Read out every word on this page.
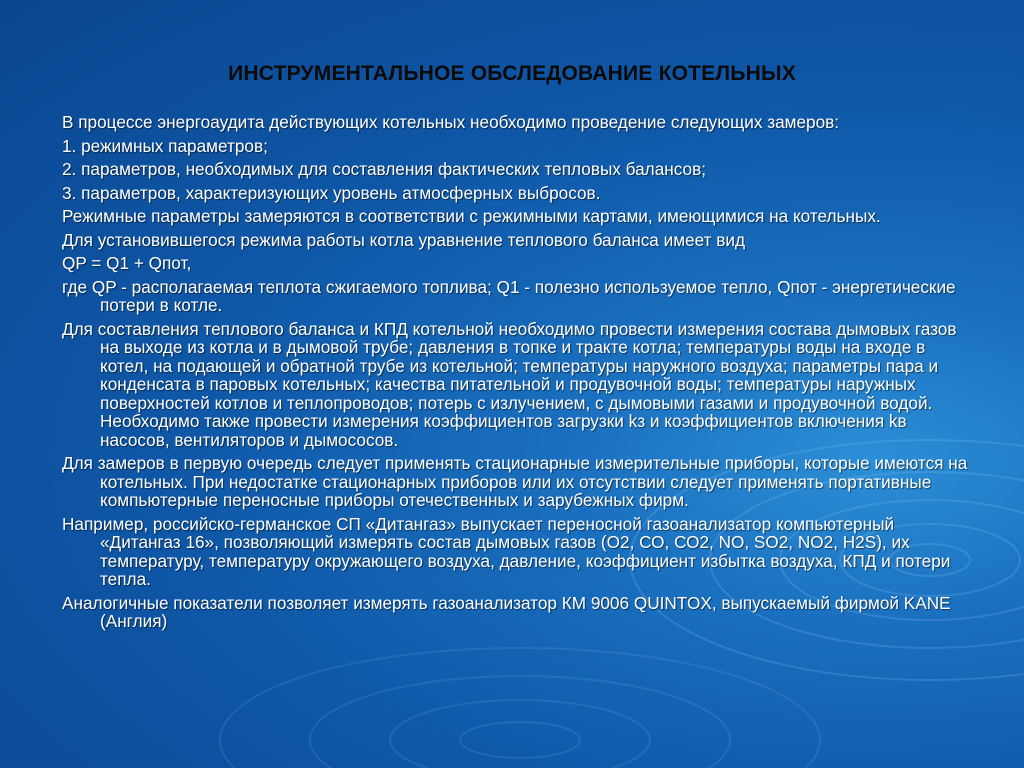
ИНСТРУМЕНТАЛЬНОЕ ОБСЛЕДОВАНИЕ КОТЕЛЬНЫХ

В процессе энергоаудита действующих котельных необходимо проведение следующих замеров:

1. режимных параметров;

2. параметров, необходимых для составления фактических тепловых балансов;

3. параметров, характеризующих уровень атмосферных выбросов.

Режимные параметры замеряются в соответствии с режимными картами, имеющимися на котельных.

Для установившегося режима работы котла уравнение теплового баланса имеет вид

QP = Q1 + Qпот,

где QP - располагаемая теплота сжигаемого топлива; Q1 - полезно используемое тепло, Qпот - энергетические потери в котле.

Для составления теплового баланса и КПД котельной необходимо провести измерения состава дымовых газов на выходе из котла и в дымовой трубе; давления в топке и тракте котла; температуры воды на входе в котел, на подающей и обратной трубе из котельной; температуры наружного воздуха; параметры пара и конденсата в паровых котельных; качества питательной и продувочной воды; температуры наружных поверхностей котлов и теплопроводов; потерь с излучением, с дымовыми газами и продувочной водой. Необходимо также провести измерения коэффициентов загрузки kз и коэффициентов включения kв насосов, вентиляторов и дымососов.

Для замеров в первую очередь следует применять стационарные измерительные приборы, которые имеются на котельных. При недостатке стационарных приборов или их отсутствии следует применять портативные компьютерные переносные приборы отечественных и зарубежных фирм.

Например, российско-германское СП «Дитангаз» выпускает переносной газоанализатор компьютерный «Дитангаз 16», позволяющий измерять состав дымовых газов (О2, СО, СО2, NO, SO2, NO2, H2S), их температуру, температуру окружающего воздуха, давление, коэффициент избытка воздуха, КПД и потери тепла.

Аналогичные показатели позволяет измерять газоанализатор КМ 9006 QUINTOX, выпускаемый фирмой KANE (Англия)
